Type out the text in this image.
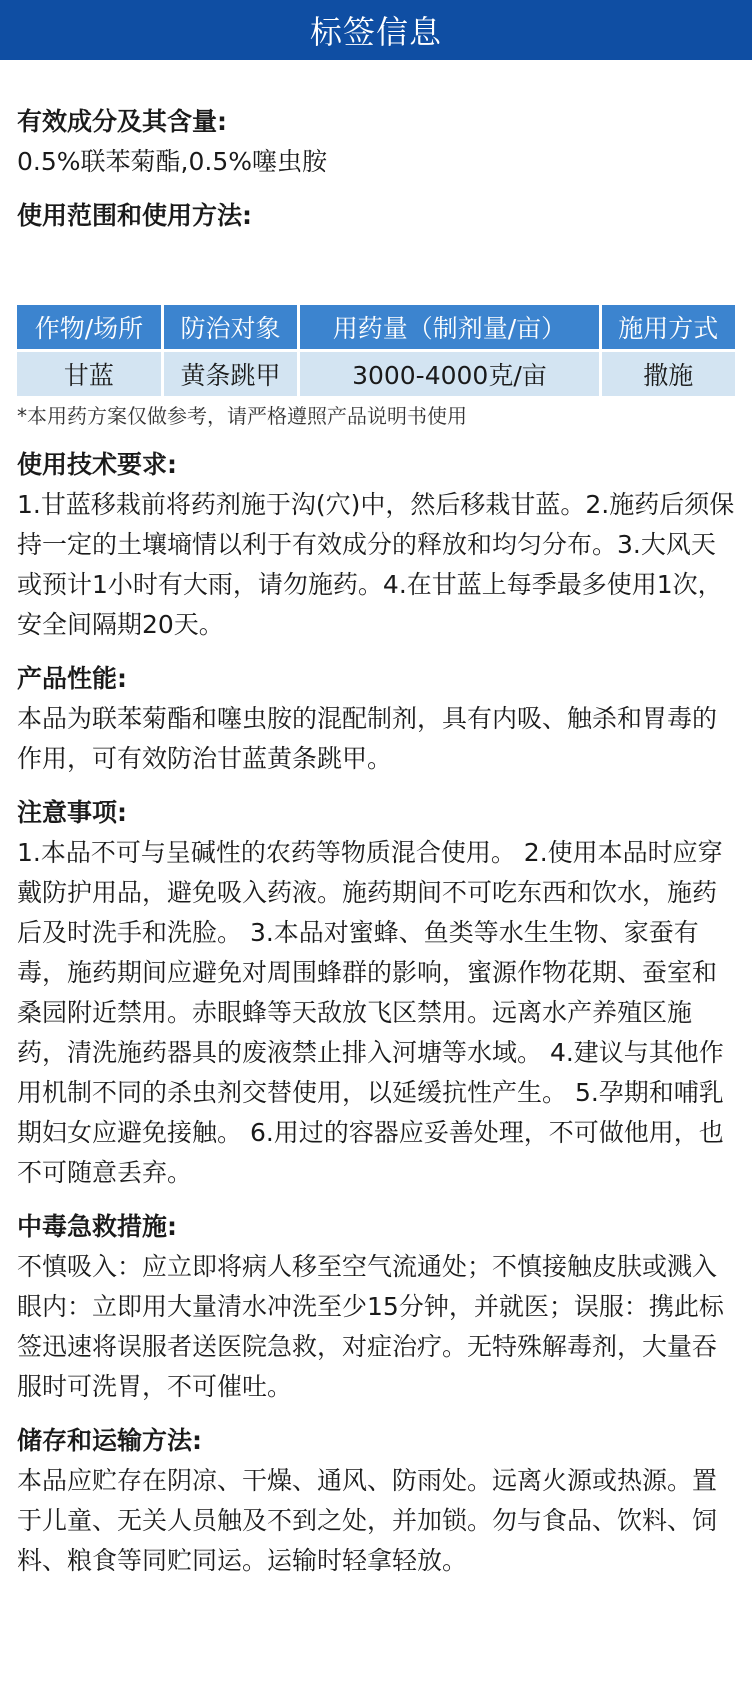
标签信息
有效成分及其含量:
0.5%联苯菊酯,0.5%噻虫胺
使用范围和使用方法:
作物/场所	防治对象	用药量（制剂量/亩）	施用方式
甘蓝	黄条跳甲	3000-4000克/亩	撒施
*本用药方案仅做参考，请严格遵照产品说明书使用
使用技术要求:
1.甘蓝移栽前将药剂施于沟(穴)中，然后移栽甘蓝。2.施药后须保持一定的土壤墒情以利于有效成分的释放和均匀分布。3.大风天或预计1小时有大雨，请勿施药。4.在甘蓝上每季最多使用1次，安全间隔期20天。
产品性能:
本品为联苯菊酯和噻虫胺的混配制剂，具有内吸、触杀和胃毒的作用，可有效防治甘蓝黄条跳甲。
注意事项:
1.本品不可与呈碱性的农药等物质混合使用。 2.使用本品时应穿戴防护用品，避免吸入药液。施药期间不可吃东西和饮水，施药后及时洗手和洗脸。 3.本品对蜜蜂、鱼类等水生生物、家蚕有毒，施药期间应避免对周围蜂群的影响，蜜源作物花期、蚕室和桑园附近禁用。赤眼蜂等天敌放飞区禁用。远离水产养殖区施药，清洗施药器具的废液禁止排入河塘等水域。 4.建议与其他作用机制不同的杀虫剂交替使用，以延缓抗性产生。 5.孕期和哺乳期妇女应避免接触。 6.用过的容器应妥善处理，不可做他用，也不可随意丢弃。
中毒急救措施:
不慎吸入：应立即将病人移至空气流通处；不慎接触皮肤或溅入眼内：立即用大量清水冲洗至少15分钟，并就医；误服：携此标签迅速将误服者送医院急救，对症治疗。无特殊解毒剂，大量吞服时可洗胃，不可催吐。
储存和运输方法:
本品应贮存在阴凉、干燥、通风、防雨处。远离火源或热源。置于儿童、无关人员触及不到之处，并加锁。勿与食品、饮料、饲料、粮食等同贮同运。运输时轻拿轻放。
